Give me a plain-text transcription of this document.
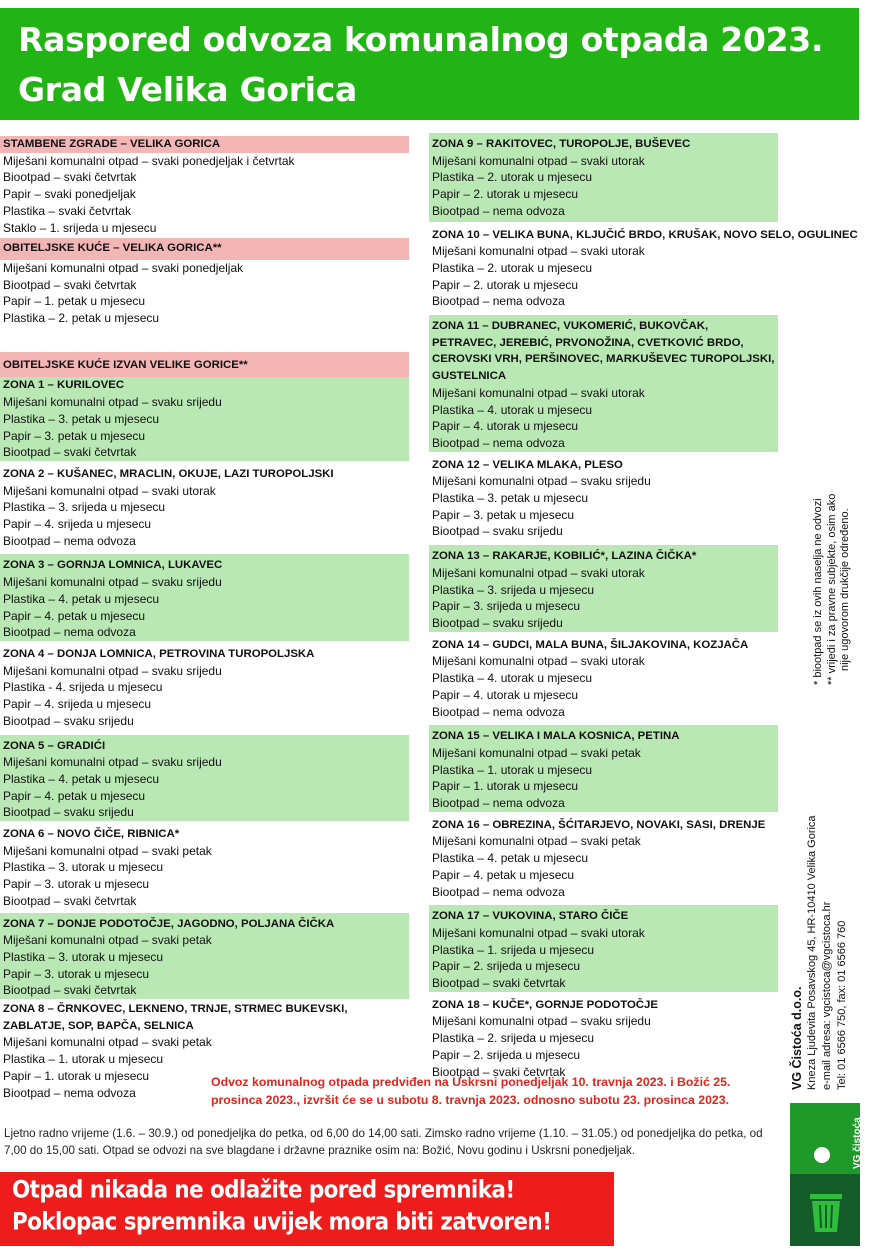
Raspored odvoza komunalnog otpada 2023.
Grad Velika Gorica
STAMBENE ZGRADE – VELIKA GORICA
Miješani komunalni otpad – svaki ponedjeljak i četvrtak
Biootpad – svaki četvrtak
Papir – svaki ponedjeljak
Plastika – svaki četvrtak
Staklo – 1. srijeda u mjesecu
OBITELJSKE KUĆE – VELIKA GORICA**
Miješani komunalni otpad – svaki ponedjeljak
Biootpad – svaki četvrtak
Papir – 1. petak u mjesecu
Plastika – 2. petak u mjesecu
OBITELJSKE KUĆE IZVAN VELIKE GORICE**
ZONA 1 – KURILOVEC
Miješani komunalni otpad – svaku srijedu
Plastika – 3. petak u mjesecu
Papir – 3. petak u mjesecu
Biootpad – svaki četvrtak
ZONA 2 – KUŠANEC, MRACLIN, OKUJE, LAZI TUROPOLJSKI
Miješani komunalni otpad – svaki utorak
Plastika – 3. srijeda u mjesecu
Papir – 4. srijeda u mjesecu
Biootpad – nema odvoza
ZONA 3 – GORNJA LOMNICA, LUKAVEC
Miješani komunalni otpad – svaku srijedu
Plastika – 4. petak u mjesecu
Papir – 4. petak u mjesecu
Biootpad – nema odvoza
ZONA 4 – DONJA LOMNICA, PETROVINA TUROPOLJSKA
Miješani komunalni otpad – svaku srijedu
Plastika - 4. srijeda u mjesecu
Papir – 4. srijeda u mjesecu
Biootpad – svaku srijedu
ZONA 5 – GRADIĆI
Miješani komunalni otpad – svaku srijedu
Plastika – 4. petak u mjesecu
Papir – 4. petak u mjesecu
Biootpad – svaku srijedu
ZONA 6 – NOVO ČIČE, RIBNICA*
Miješani komunalni otpad – svaki petak
Plastika – 3. utorak u mjesecu
Papir – 3. utorak u mjesecu
Biootpad – svaki četvrtak
ZONA 7 – DONJE PODOTOČJE, JAGODNO, POLJANA ČIČKA
Miješani komunalni otpad – svaki petak
Plastika – 3. utorak u mjesecu
Papir – 3. utorak u mjesecu
Biootpad – svaki četvrtak
ZONA 8 – ČRNKOVEC, LEKNENO, TRNJE, STRMEC BUKEVSKI, ZABLATJE, SOP, BAPČA, SELNICA
Miješani komunalni otpad – svaki petak
Plastika – 1. utorak u mjesecu
Papir – 1. utorak u mjesecu
Biootpad – nema odvoza
ZONA 9 – RAKITOVEC, TUROPOLJE, BUŠEVEC
Miješani komunalni otpad – svaki utorak
Plastika – 2. utorak u mjesecu
Papir – 2. utorak u mjesecu
Biootpad – nema odvoza
ZONA 10 – VELIKA BUNA, KLJUČIĆ BRDO, KRUŠAK, NOVO SELO, OGULINEC
Miješani komunalni otpad – svaki utorak
Plastika – 2. utorak u mjesecu
Papir – 2. utorak u mjesecu
Biootpad – nema odvoza
ZONA 11 – DUBRANEC, VUKOMERIĆ, BUKOVČAK, PETRAVEC, JEREBIĆ, PRVONOŽINA, CVETKOVIĆ BRDO, CEROVSKI VRH, PERŠINOVEC, MARKUŠEVEC TUROPOLJSKI, GUSTELNICA
Miješani komunalni otpad – svaki utorak
Plastika – 4. utorak u mjesecu
Papir – 4. utorak u mjesecu
Biootpad – nema odvoza
ZONA 12 – VELIKA MLAKA, PLESO
Miješani komunalni otpad – svaku srijedu
Plastika – 3. petak u mjesecu
Papir – 3. petak u mjesecu
Biootpad – svaku srijedu
ZONA 13 – RAKARJE, KOBILIĆ*, LAZINA ČIČKA*
Miješani komunalni otpad – svaki utorak
Plastika – 3. srijeda u mjesecu
Papir – 3. srijeda u mjesecu
Biootpad – svaku srijedu
ZONA 14 – GUDCI, MALA BUNA, ŠILJAKOVINA, KOZJAČA
Miješani komunalni otpad – svaki utorak
Plastika – 4. utorak u mjesecu
Papir – 4. utorak u mjesecu
Biootpad – nema odvoza
ZONA 15 – VELIKA I MALA KOSNICA, PETINA
Miješani komunalni otpad – svaki petak
Plastika – 1. utorak u mjesecu
Papir – 1. utorak u mjesecu
Biootpad – nema odvoza
ZONA 16 – OBREZINA, ŠĆITARJEVO, NOVAKI, SASI, DRENJE
Miješani komunalni otpad – svaki petak
Plastika – 4. petak u mjesecu
Papir – 4. petak u mjesecu
Biootpad – nema odvoza
ZONA 17 – VUKOVINA, STARO ČIČE
Miješani komunalni otpad – svaki utorak
Plastika – 1. srijeda u mjesecu
Papir – 2. srijeda u mjesecu
Biootpad – svaki četvrtak
ZONA 18 – KUČE*, GORNJE PODOTOČJE
Miješani komunalni otpad – svaku srijedu
Plastika – 2. srijeda u mjesecu
Papir – 2. srijeda u mjesecu
Biootpad – svaki četvrtak
Odvoz komunalnog otpada predviđen na Uskrsni ponedjeljak 10. travnja 2023. i Božić 25. prosinca 2023., izvršit će se u subotu 8. travnja 2023. odnosno subotu 23. prosinca 2023.
Ljetno radno vrijeme (1.6. – 30.9.) od ponedjeljka do petka, od 6,00 do 14,00 sati. Zimsko radno vrijeme (1.10. – 31.05.) od ponedjeljka do petka, od 7,00 do 15,00 sati. Otpad se odvozi na sve blagdane i državne praznike osim na: Božić, Novu godinu i Uskrsni ponedjeljak.
Otpad nikada ne odlažite pored spremnika!
Poklopac spremnika uvijek mora biti zatvoren!
* biootpad se iz ovih naselja ne odvozi ** vrijedi i za pravne subjekte, osim ako nije ugovorom drukčije određeno.
VG Čistoća d.o.o. Kneza Ljudevita Posavskog 45, HR-10410 Velika Gorica e-mail adresa: vgcistoca@vgcistoca.hr Tel: 01 6566 750, fax: 01 6566 760
VG čistoća
